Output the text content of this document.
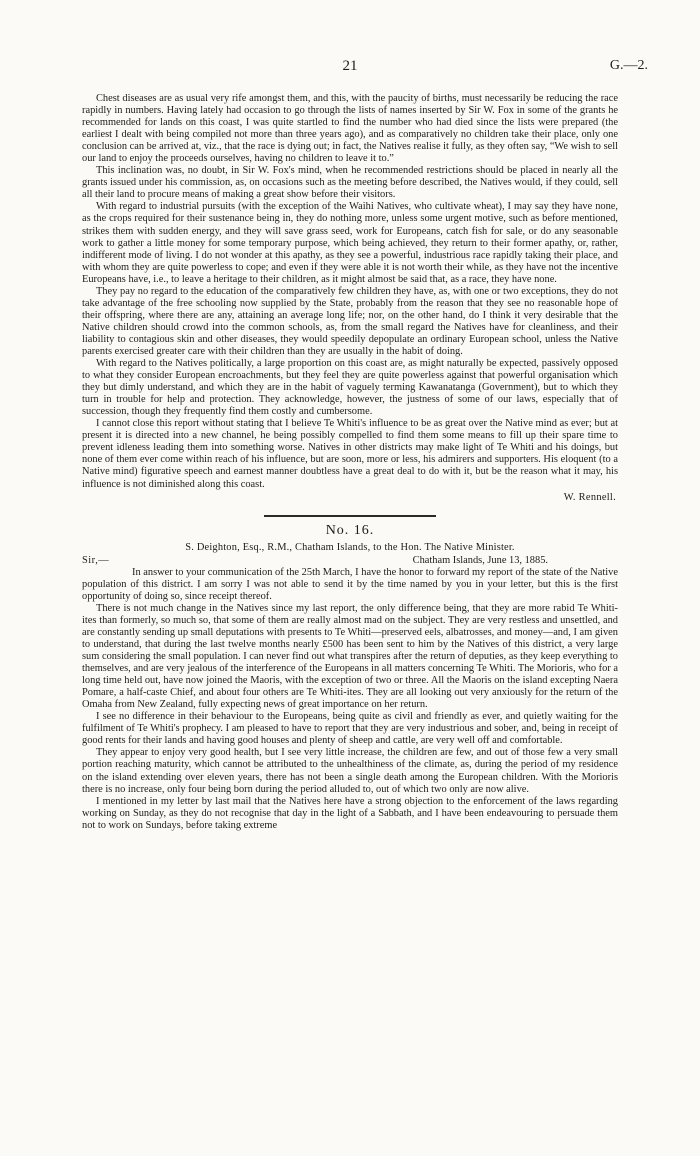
21	G.—2.

Chest diseases are as usual very rife amongst them, and this, with the paucity of births, must necessarily be reducing the race rapidly in numbers. Having lately had occasion to go through the lists of names inserted by Sir W. Fox in some of the grants he recommended for lands on this coast, I was quite startled to find the number who had died since the lists were prepared (the earliest I dealt with being compiled not more than three years ago), and as comparatively no children take their place, only one conclusion can be arrived at, viz., that the race is dying out; in fact, the Natives realise it fully, as they often say, “We wish to sell our land to enjoy the proceeds ourselves, having no children to leave it to.”

This inclination was, no doubt, in Sir W. Fox's mind, when he recommended restrictions should be placed in nearly all the grants issued under his commission, as, on occasions such as the meeting before described, the Natives would, if they could, sell all their land to procure means of making a great show before their visitors.

With regard to industrial pursuits (with the exception of the Waihi Natives, who cultivate wheat), I may say they have none, as the crops required for their sustenance being in, they do nothing more, unless some urgent motive, such as before mentioned, strikes them with sudden energy, and they will save grass seed, work for Europeans, catch fish for sale, or do any seasonable work to gather a little money for some temporary purpose, which being achieved, they return to their former apathy, or, rather, indifferent mode of living. I do not wonder at this apathy, as they see a powerful, industrious race rapidly taking their place, and with whom they are quite powerless to cope; and even if they were able it is not worth their while, as they have not the incentive Europeans have, i.e., to leave a heritage to their children, as it might almost be said that, as a race, they have none.

They pay no regard to the education of the comparatively few children they have, as, with one or two exceptions, they do not take advantage of the free schooling now supplied by the State, probably from the reason that they see no reasonable hope of their offspring, where there are any, attaining an average long life; nor, on the other hand, do I think it very desirable that the Native children should crowd into the common schools, as, from the small regard the Natives have for cleanliness, and their liability to contagious skin and other diseases, they would speedily depopulate an ordinary European school, unless the Native parents exercised greater care with their children than they are usually in the habit of doing.

With regard to the Natives politically, a large proportion on this coast are, as might naturally be expected, passively opposed to what they consider European encroachments, but they feel they are quite powerless against that powerful organisation which they but dimly understand, and which they are in the habit of vaguely terming Kawanatanga (Government), but to which they turn in trouble for help and protection. They acknowledge, however, the justness of some of our laws, especially that of succession, though they frequently find them costly and cumbersome.

I cannot close this report without stating that I believe Te Whiti's influence to be as great over the Native mind as ever; but at present it is directed into a new channel, he being possibly compelled to find them some means to fill up their spare time to prevent idleness leading them into something worse. Natives in other districts may make light of Te Whiti and his doings, but none of them ever come within reach of his influence, but are soon, more or less, his admirers and supporters. His eloquent (to a Native mind) figurative speech and earnest manner doubtless have a great deal to do with it, but be the reason what it may, his influence is not diminished along this coast.

W. Rennell.
No. 16.
S. Deighton, Esq., R.M., Chatham Islands, to the Hon. The Native Minister.
Sir,—	Chatham Islands, June 13, 1885.

In answer to your communication of the 25th March, I have the honor to forward my report of the state of the Native population of this district. I am sorry I was not able to send it by the time named by you in your letter, but this is the first opportunity of doing so, since receipt thereof.

There is not much change in the Natives since my last report, the only difference being, that they are more rabid Te Whiti-ites than formerly, so much so, that some of them are really almost mad on the subject. They are very restless and unsettled, and are constantly sending up small deputations with presents to Te Whiti—preserved eels, albatrosses, and money—and, I am given to understand, that during the last twelve months nearly £500 has been sent to him by the Natives of this district, a very large sum considering the small population. I can never find out what transpires after the return of deputies, as they keep everything to themselves, and are very jealous of the interference of the Europeans in all matters concerning Te Whiti. The Morioris, who for a long time held out, have now joined the Maoris, with the exception of two or three. All the Maoris on the island excepting Naera Pomare, a half-caste Chief, and about four others are Te Whiti-ites. They are all looking out very anxiously for the return of the Omaha from New Zealand, fully expecting news of great importance on her return.

I see no difference in their behaviour to the Europeans, being quite as civil and friendly as ever, and quietly waiting for the fulfilment of Te Whiti's prophecy. I am pleased to have to report that they are very industrious and sober, and, being in receipt of good rents for their lands and having good houses and plenty of sheep and cattle, are very well off and comfortable.

They appear to enjoy very good health, but I see very little increase, the children are few, and out of those few a very small portion reaching maturity, which cannot be attributed to the unhealthiness of the climate, as, during the period of my residence on the island extending over eleven years, there has not been a single death among the European children. With the Morioris there is no increase, only four being born during the period alluded to, out of which two only are now alive.

I mentioned in my letter by last mail that the Natives here have a strong objection to the enforcement of the laws regarding working on Sunday, as they do not recognise that day in the light of a Sabbath, and I have been endeavouring to persuade them not to work on Sundays, before taking extreme
